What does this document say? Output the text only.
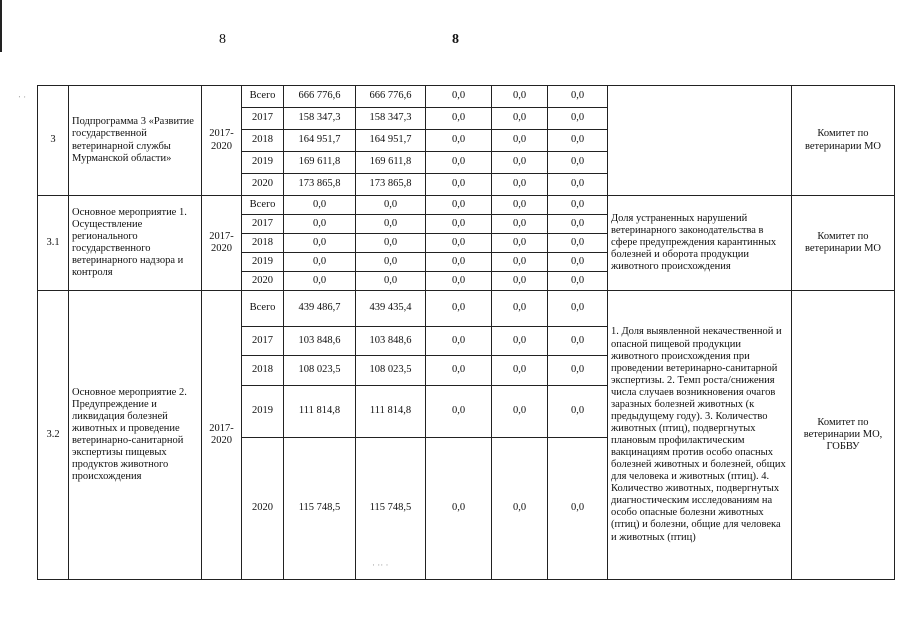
8	8
‧ ·
· ·· ·
3	Подпрограмма 3 «Развитие государственной ветеринарной службы Мурманской области»	2017-2020	Всего	666 776,6	666 776,6	0,0	0,0	0,0		Комитет по ветеринарии МО
			2017	158 347,3	158 347,3	0,0	0,0	0,0		
			2018	164 951,7	164 951,7	0,0	0,0	0,0		
			2019	169 611,8	169 611,8	0,0	0,0	0,0		
			2020	173 865,8	173 865,8	0,0	0,0	0,0		
3.1	Основное мероприятие 1. Осуществление регионального государственного ветеринарного надзора и контроля	2017-2020	Всего	0,0	0,0	0,0	0,0	0,0	Доля устраненных нарушений ветеринарного законодательства в сфере предупреждения карантинных болезней и оборота продукции животного происхождения	Комитет по ветеринарии МО
			2017	0,0	0,0	0,0	0,0	0,0		
			2018	0,0	0,0	0,0	0,0	0,0		
			2019	0,0	0,0	0,0	0,0	0,0		
			2020	0,0	0,0	0,0	0,0	0,0		
3.2	Основное мероприятие 2. Предупреждение и ликвидация болезней животных и проведение ветеринарно-санитарной экспертизы пищевых продуктов животного происхождения	2017-2020	Всего	439 486,7	439 435,4	0,0	0,0	0,0	1. Доля выявленной некачественной и опасной пищевой продукции животного происхождения при проведении ветеринарно-санитарной экспертизы. 2. Темп роста/снижения числа случаев возникновения очагов заразных болезней животных (к предыдущему году). 3. Количество животных (птиц), подвергнутых плановым профилактическим вакцинациям против особо опасных болезней животных и болезней, общих для человека и животных (птиц). 4. Количество животных, подвергнутых диагностическим исследованиям на особо опасные болезни животных (птиц) и болезни, общие для человека и животных (птиц)	Комитет по ветеринарии МО, ГОБВУ
			2017	103 848,6	103 848,6	0,0	0,0	0,0		
			2018	108 023,5	108 023,5	0,0	0,0	0,0		
			2019	111 814,8	111 814,8	0,0	0,0	0,0		
			2020	115 748,5	115 748,5	0,0	0,0	0,0		
